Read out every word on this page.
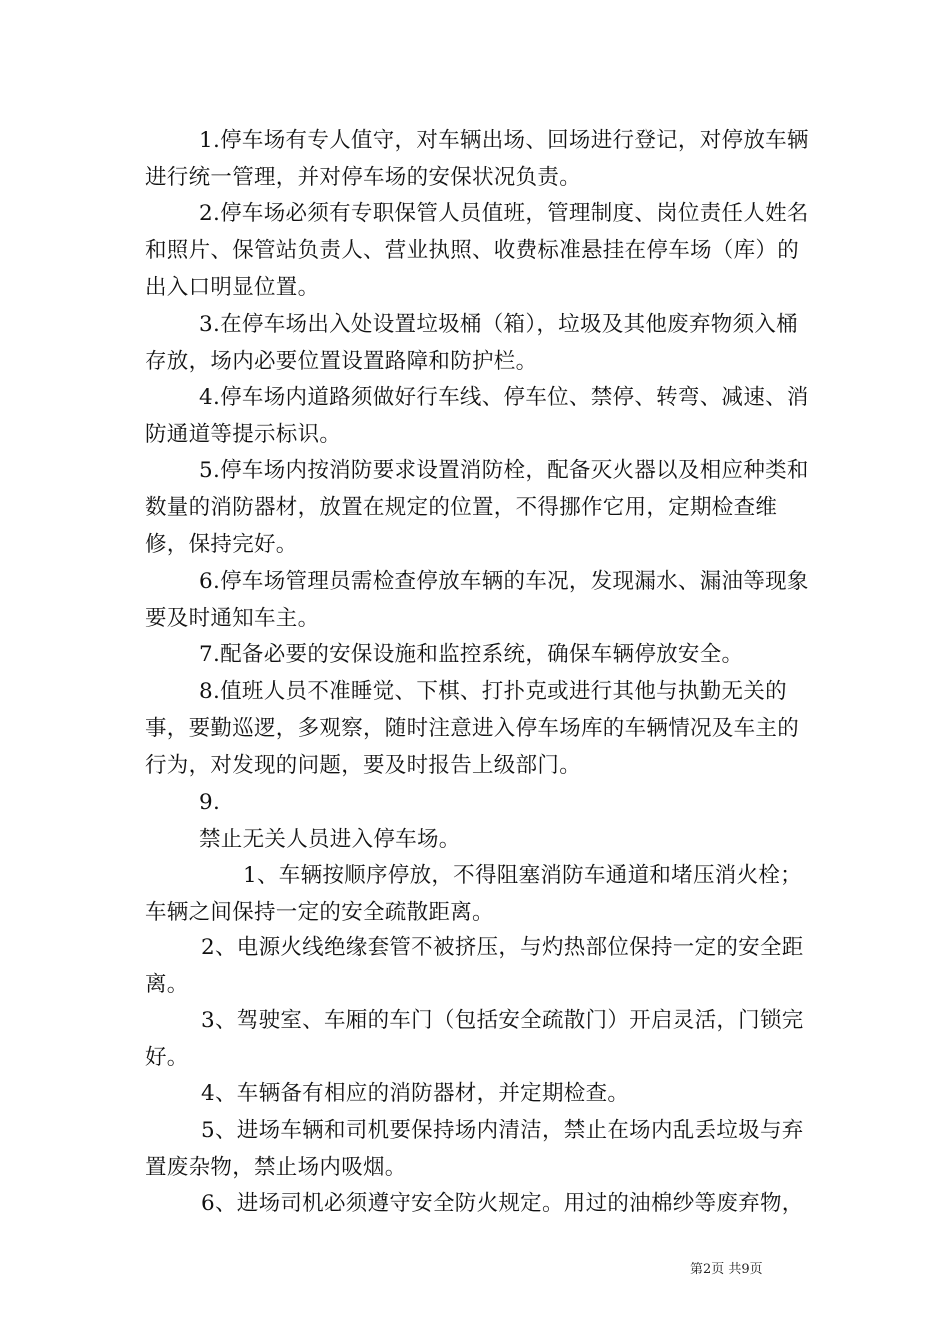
1.停车场有专人值守，对车辆出场、回场进行登记，对停放车辆进行统一管理，并对停车场的安保状况负责。

2.停车场必须有专职保管人员值班，管理制度、岗位责任人姓名和照片、保管站负责人、营业执照、收费标准悬挂在停车场（库）的出入口明显位置。

3.在停车场出入处设置垃圾桶（箱），垃圾及其他废弃物须入桶存放，场内必要位置设置路障和防护栏。

4.停车场内道路须做好行车线、停车位、禁停、转弯、减速、消防通道等提示标识。

5.停车场内按消防要求设置消防栓，配备灭火器以及相应种类和数量的消防器材，放置在规定的位置，不得挪作它用，定期检查维修，保持完好。

6.停车场管理员需检查停放车辆的车况，发现漏水、漏油等现象要及时通知车主。

7.配备必要的安保设施和监控系统，确保车辆停放安全。

8.值班人员不准睡觉、下棋、打扑克或进行其他与执勤无关的事，要勤巡逻，多观察，随时注意进入停车场库的车辆情况及车主的行为，对发现的问题，要及时报告上级部门。

9.

禁止无关人员进入停车场。

1、车辆按顺序停放，不得阻塞消防车通道和堵压消火栓；车辆之间保持一定的安全疏散距离。

2、电源火线绝缘套管不被挤压，与灼热部位保持一定的安全距离。

3、驾驶室、车厢的车门（包括安全疏散门）开启灵活，门锁完好。

4、车辆备有相应的消防器材，并定期检查。

5、进场车辆和司机要保持场内清洁，禁止在场内乱丢垃圾与弃置废杂物，禁止场内吸烟。

6、进场司机必须遵守安全防火规定。用过的油棉纱等废弃物，

第2页 共9页
